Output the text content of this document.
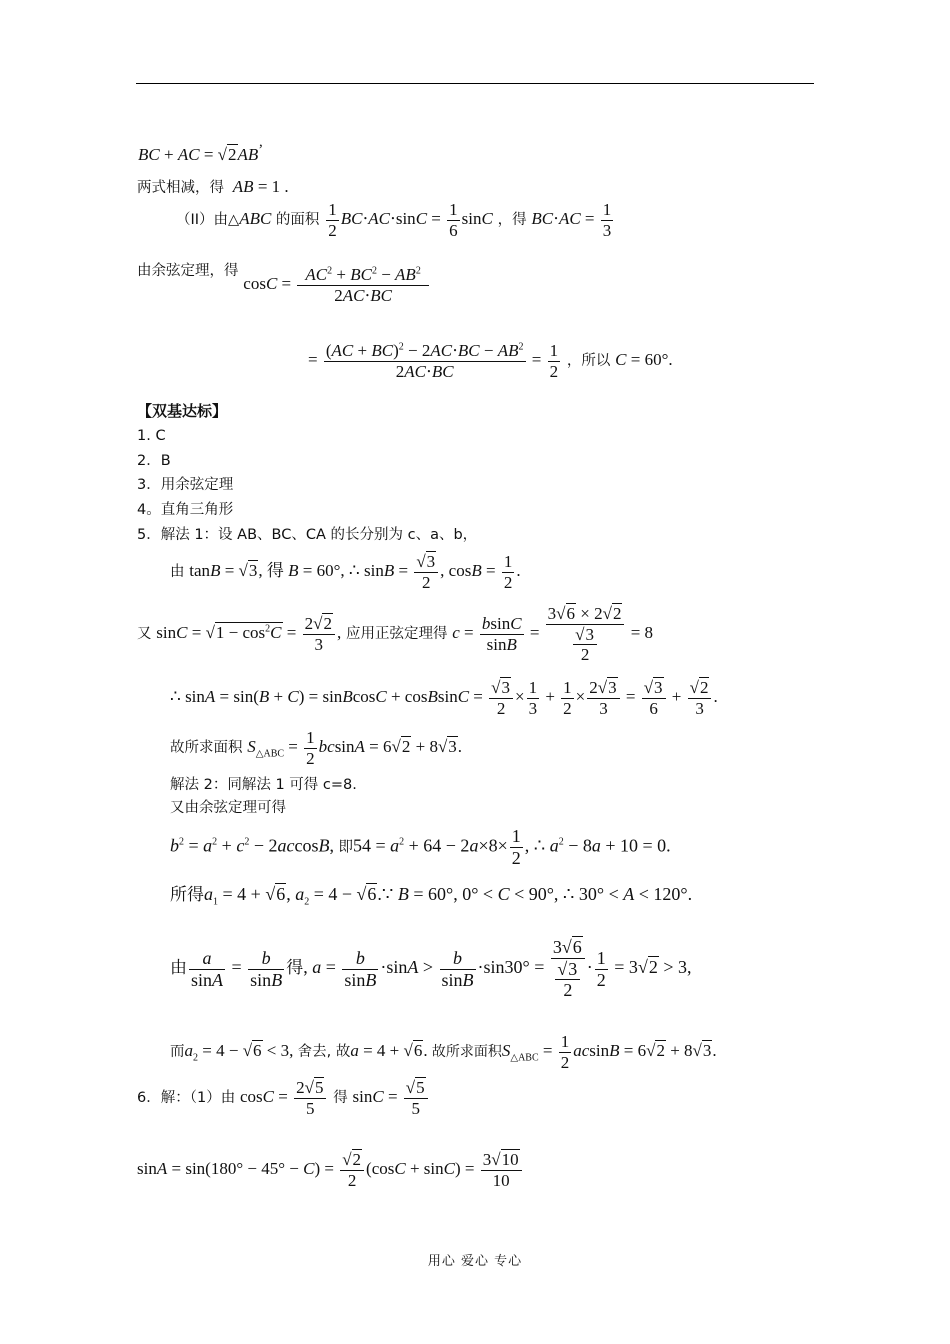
BC + AC = √2AB’
两式相减，得 AB = 1 .
（II）由△ABC 的面积 $\frac{1}{2} BC\cdot AC\cdot\sin C = \frac{1}{6}$ sinC ，得 $BC\cdot AC = \frac{1}{3}$
由余弦定理，得 $\cos C = \frac{AC^2 + BC^2 - AB^2}{2AC\cdot BC}$
= $\frac{(AC + BC)^2 - 2AC\cdot BC - AB^2}{2AC\cdot BC} = \frac{1}{2}$ ，所以 C = 60°.
【双基达标】
1. C
2．B
3．用余弦定理
4。直角三角形
5．解法 1：设 AB、BC、CA 的长分别为 c、a、b，
由 tanB = √3, 得 B = 60°, ∴ $\sin B = \frac{√3}{2}$ , $\cos B = \frac{1}{2}$ .
又 $\sin C = √1 - \cos^2C = \frac{2√2}{3}$ , 应用正弦定理得 $c = \frac{bsinC}{\sin B} = \frac{3√6 \times 2√2}{\frac{√3}{2}} = 8$
∴ sinA = sin(B + C) = sinBcosC + cosBsinC = $\frac{√3}{2} \times \frac{1}{3} + \frac{1}{2} \times \frac{2√3}{3} = \frac{√3}{6} + \frac{√2}{3}$ .
故所求面积 $S_{\triangle ABC} = \frac{1}{2}$ bcsinA = 6√2 + 8√3.
解法 2：同解法 1 可得 c=8.
又由余弦定理可得
$b^2 = a^2 + c^2 - 2accosB$, 即$54 = a^2 + 64 - 2a\times 8\times \frac{1}{2}$ , ∴ $a^2 - 8a + 10 = 0$.
所得$a_1 = 4 + √6$, $a_2 = 4$ − √6.∵ B = 60°, 0° < C < 90°, ∴ 30° < A < 120°.
由 $\frac{a}{\sin A} = \frac{b}{\sin B}$ 得, $a = \frac{b}{\sin B} \cdot\sin A > \frac{b}{\sin B} \cdot\sin 30^\circ = \frac{3√6}{\frac{√3}{2}} \cdot \frac{1}{2} = 3√2 > 3$,
而$a_2 = 4 - √6 < 3$, 舍去, 故a = 4 + √6. 故所求面积$S_{\triangle ABC} = \frac{1}{2}$ acsinB = 6√2 + 8√3.
6．解：（1）由 $\cos C = \frac{2√5}{5}$ 得 $\sin C = \frac{√5}{5}$
$\sin A = \sin(180^\circ - 45^\circ - C) = \frac{√2}{2} (\cos C + \sin C) = \frac{3√10}{10}$
用心 爱心 专心
